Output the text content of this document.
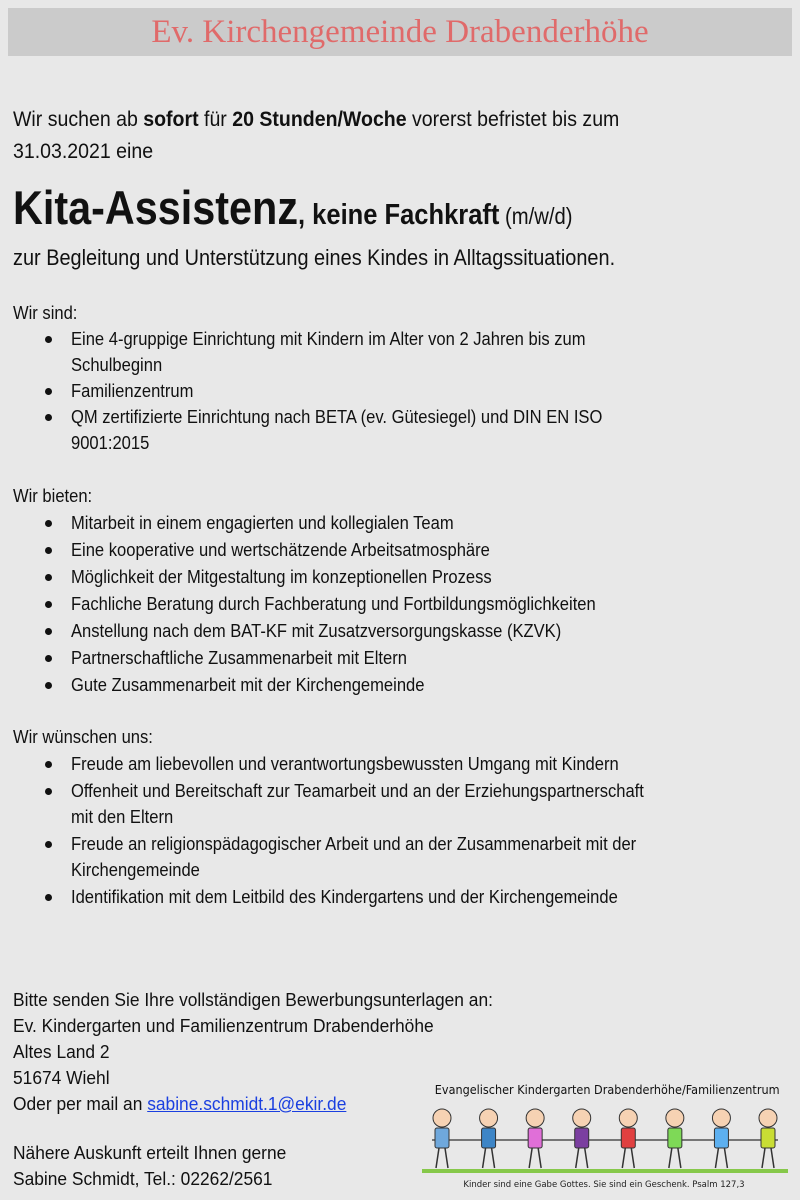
Ev. Kirchengemeinde Drabenderhöhe
Wir suchen ab sofort für 20 Stunden/Woche vorerst befristet bis zum
31.03.2021 eine
Kita-Assistenz, keine Fachkraft (m/w/d)
zur Begleitung und Unterstützung eines Kindes in Alltagssituationen.
Wir sind:
Eine 4-gruppige Einrichtung mit Kindern im Alter von 2 Jahren bis zum
Schulbeginn
Familienzentrum
QM zertifizierte Einrichtung nach BETA (ev. Gütesiegel) und DIN EN ISO
9001:2015
Wir bieten:
Mitarbeit in einem engagierten und kollegialen Team
Eine kooperative und wertschätzende Arbeitsatmosphäre
Möglichkeit der Mitgestaltung im konzeptionellen Prozess
Fachliche Beratung durch Fachberatung und Fortbildungsmöglichkeiten
Anstellung nach dem BAT-KF mit Zusatzversorgungskasse (KZVK)
Partnerschaftliche Zusammenarbeit mit Eltern
Gute Zusammenarbeit mit der Kirchengemeinde
Wir wünschen uns:
Freude am liebevollen und verantwortungsbewussten Umgang mit Kindern
Offenheit und Bereitschaft zur Teamarbeit und an der Erziehungspartnerschaft
mit den Eltern
Freude an religionspädagogischer Arbeit und an der Zusammenarbeit mit der
Kirchengemeinde
Identifikation mit dem Leitbild des Kindergartens und der Kirchengemeinde
Bitte senden Sie Ihre vollständigen Bewerbungsunterlagen an:
Ev. Kindergarten und Familienzentrum Drabenderhöhe
Altes Land 2
51674 Wiehl
Oder per mail an sabine.schmidt.1@ekir.de
Nähere Auskunft erteilt Ihnen gerne
Sabine Schmidt, Tel.: 02262/2561
Evangelischer Kindergarten Drabenderhöhe/Familienzentrum
Kinder sind eine Gabe Gottes. Sie sind ein Geschenk. Psalm 127,3
